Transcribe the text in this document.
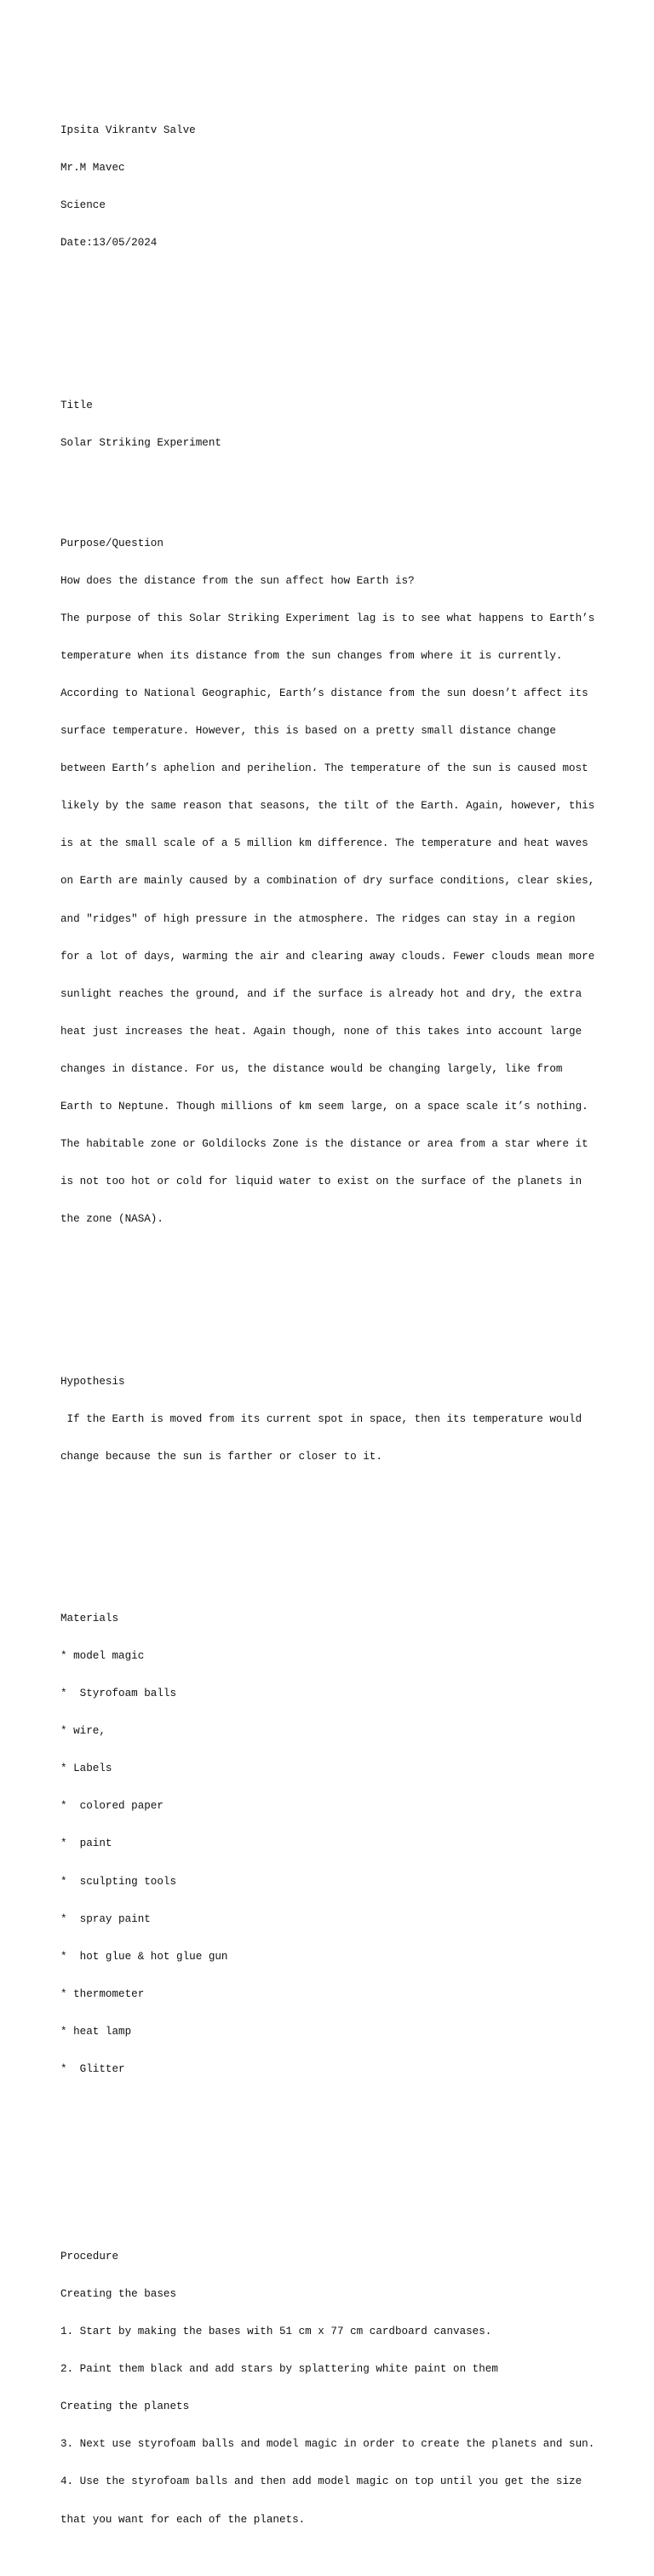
Ipsita Vikrantv Salve

Mr.M Mavec

Science

Date:13/05/2024

Title

Solar Striking Experiment

Purpose/Question

How does the distance from the sun affect how Earth is?

The purpose of this Solar Striking Experiment lag is to see what happens to Earth’s

temperature when its distance from the sun changes from where it is currently.

According to National Geographic, Earth’s distance from the sun doesn’t affect its

surface temperature. However, this is based on a pretty small distance change

between Earth’s aphelion and perihelion. The temperature of the sun is caused most

likely by the same reason that seasons, the tilt of the Earth. Again, however, this

is at the small scale of a 5 million km difference. The temperature and heat waves

on Earth are mainly caused by a combination of dry surface conditions, clear skies,

and "ridges" of high pressure in the atmosphere. The ridges can stay in a region

for a lot of days, warming the air and clearing away clouds. Fewer clouds mean more

sunlight reaches the ground, and if the surface is already hot and dry, the extra

heat just increases the heat. Again though, none of this takes into account large

changes in distance. For us, the distance would be changing largely, like from

Earth to Neptune. Though millions of km seem large, on a space scale it’s nothing.

The habitable zone or Goldilocks Zone is the distance or area from a star where it

is not too hot or cold for liquid water to exist on the surface of the planets in

the zone (NASA).

Hypothesis

If the Earth is moved from its current spot in space, then its temperature would

change because the sun is farther or closer to it.

Materials

* model magic

*  Styrofoam balls

* wire,

* Labels

*  colored paper

*  paint

*  sculpting tools

*  spray paint

*  hot glue & hot glue gun

* thermometer

* heat lamp

*  Glitter

Procedure

Creating the bases

1. Start by making the bases with 51 cm x 77 cm cardboard canvases.

2. Paint them black and add stars by splattering white paint on them

Creating the planets

3. Next use styrofoam balls and model magic in order to create the planets and sun.

4. Use the styrofoam balls and then add model magic on top until you get the size

that you want for each of the planets.
